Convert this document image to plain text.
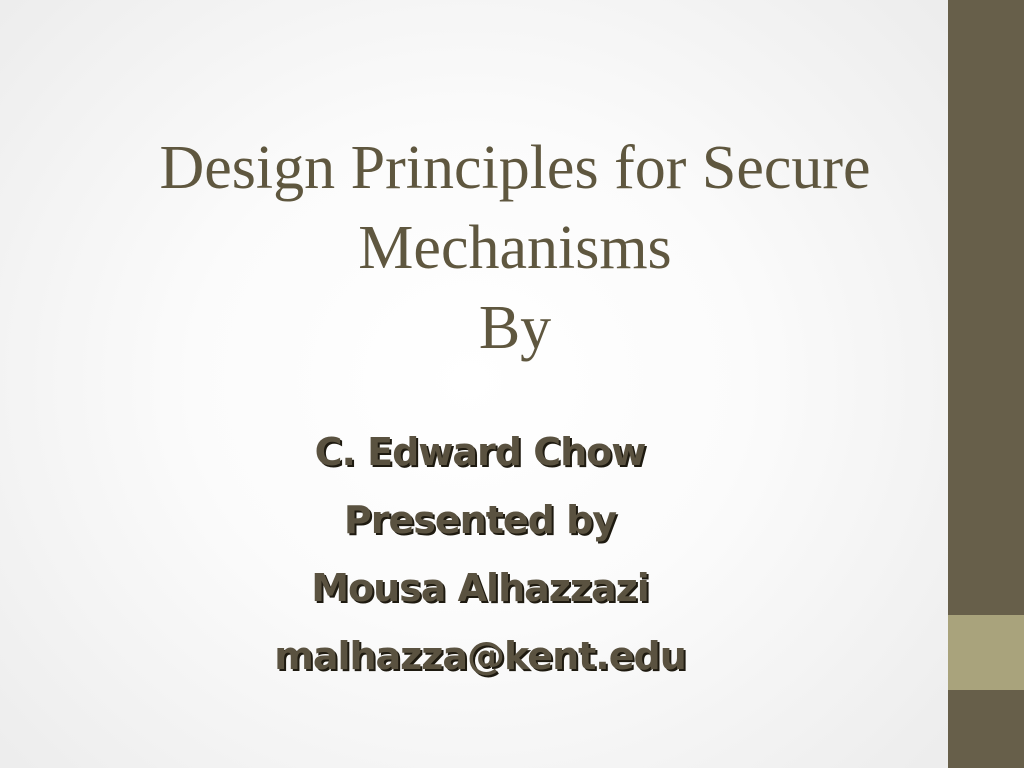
Design Principles for Secure
Mechanisms
By
C. Edward Chow
Presented by
Mousa Alhazzazi
malhazza@kent.edu
